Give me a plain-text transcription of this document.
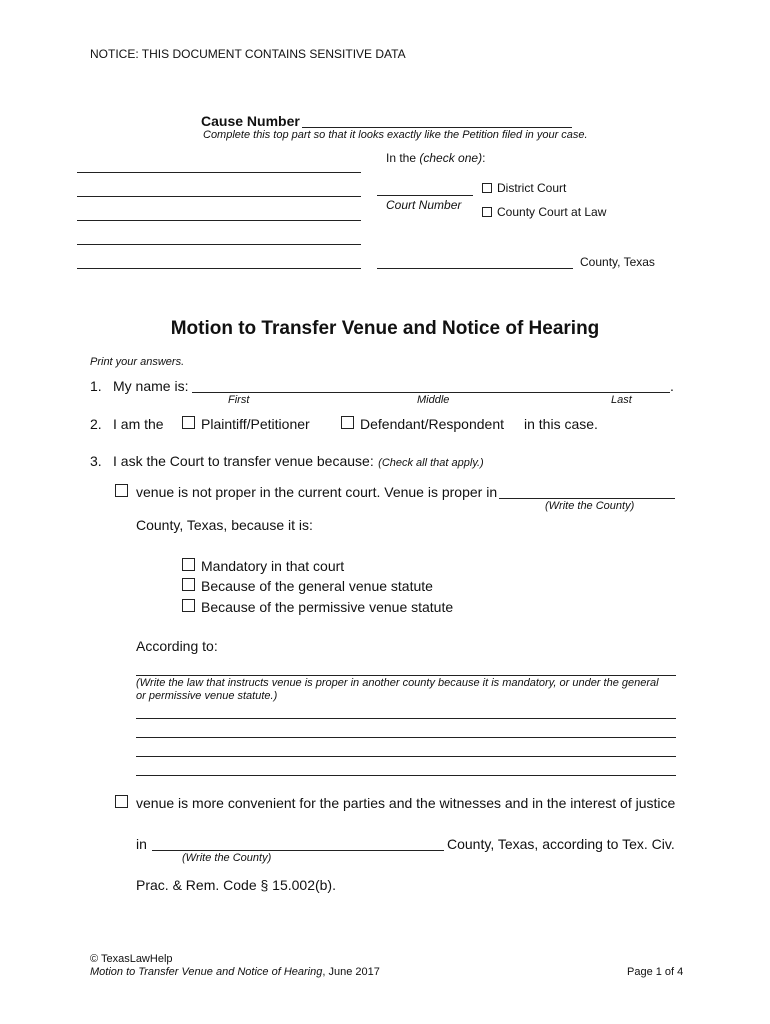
NOTICE: THIS DOCUMENT CONTAINS SENSITIVE DATA
Cause Number
Complete this top part so that it looks exactly like the Petition filed in your case.
In the (check one):
Court Number
District Court
County Court at Law
County, Texas
Motion to Transfer Venue and Notice of Hearing
Print your answers.
1. My name is:	.
First	Middle	Last
2. I am the	Plaintiff/Petitioner	Defendant/Respondent in this case.
3. I ask the Court to transfer venue because: (Check all that apply.)
venue is not proper in the current court. Venue is proper in
(Write the County)
County, Texas, because it is:
Mandatory in that court
Because of the general venue statute
Because of the permissive venue statute
According to:
(Write the law that instructs venue is proper in another county because it is mandatory, or under the general
or permissive venue statute.)
venue is more convenient for the parties and the witnesses and in the interest of justice
in	County, Texas, according to Tex. Civ.
(Write the County)
Prac. & Rem. Code § 15.002(b).
© TexasLawHelp
Motion to Transfer Venue and Notice of Hearing, June 2017	Page 1 of 4
